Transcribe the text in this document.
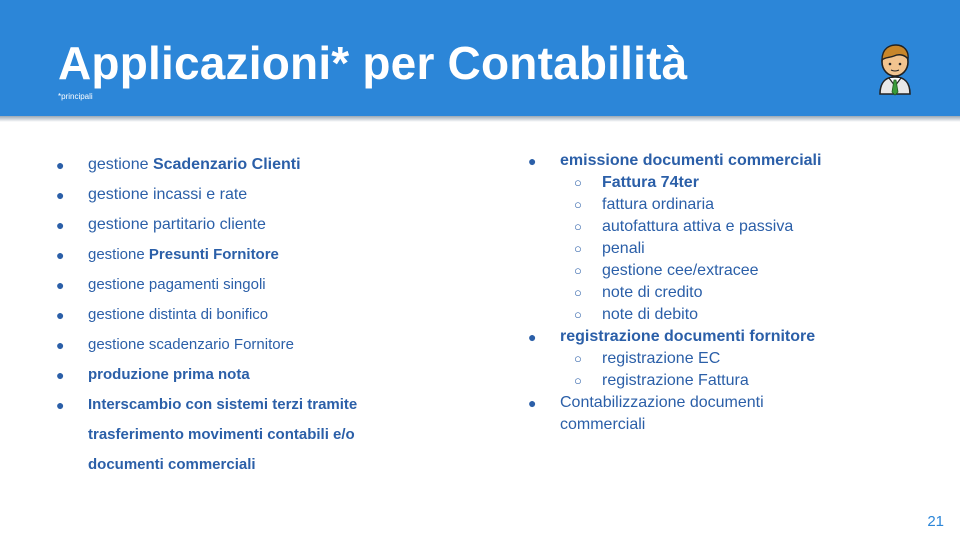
Applicazioni* per Contabilità
*principali
● gestione Scadenzario Clienti
● gestione incassi e rate
● gestione partitario cliente
● gestione Presunti Fornitore
● gestione pagamenti singoli
● gestione distinta di bonifico
● gestione scadenzario Fornitore
● produzione prima nota
● Interscambio con sistemi terzi tramite
trasferimento movimenti contabili e/o
documenti commerciali
● emissione documenti commerciali
○ Fattura 74ter
○ fattura ordinaria
○ autofattura attiva e passiva
○ penali
○ gestione cee/extracee
○ note di credito
○ note di debito
● registrazione documenti fornitore
○ registrazione EC
○ registrazione Fattura
● Contabilizzazione documenti
commerciali
21
